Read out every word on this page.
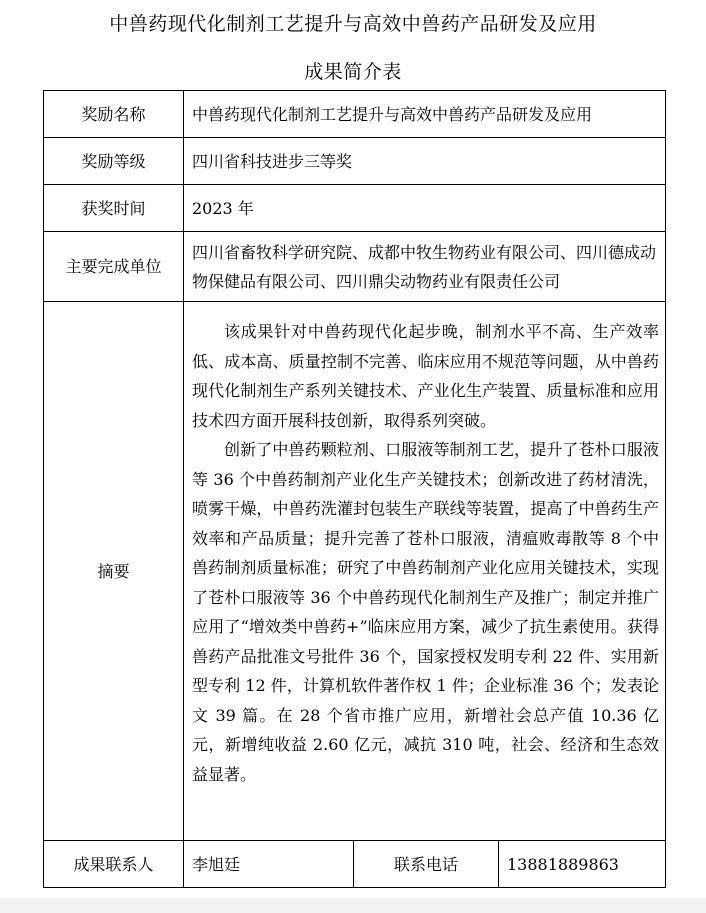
中兽药现代化制剂工艺提升与高效中兽药产品研发及应用
成果简介表
奖励名称	中兽药现代化制剂工艺提升与高效中兽药产品研发及应用		
奖励等级	四川省科技进步三等奖		
获奖时间	2023 年		
主要完成单位	四川省畜牧科学研究院、成都中牧生物药业有限公司、四川德成动物保健品有限公司、四川鼎尖动物药业有限责任公司		
摘要	该成果针对中兽药现代化起步晚，制剂水平不高、生产效率低、成本高、质量控制不完善、临床应用不规范等问题，从中兽药现代化制剂生产系列关键技术、产业化生产装置、质量标准和应用技术四方面开展科技创新，取得系列突破。

创新了中兽药颗粒剂、口服液等制剂工艺，提升了苍朴口服液等 36 个中兽药制剂产业化生产关键技术；创新改进了药材清洗，喷雾干燥，中兽药洗灌封包装生产联线等装置，提高了中兽药生产效率和产品质量；提升完善了苍朴口服液，清瘟败毒散等 8 个中兽药制剂质量标准；研究了中兽药制剂产业化应用关键技术，实现了苍朴口服液等 36 个中兽药现代化制剂生产及推广；制定并推广应用了“增效类中兽药+”临床应用方案，减少了抗生素使用。获得兽药产品批准文号批件 36 个，国家授权发明专利 22 件、实用新型专利 12 件，计算机软件著作权 1 件；企业标准 36 个；发表论文 39 篇。在 28 个省市推广应用，新增社会总产值 10.36 亿元，新增纯收益 2.60 亿元，减抗 310 吨，社会、经济和生态效益显著。		

成果联系人	李旭廷	联系电话	13881889863
